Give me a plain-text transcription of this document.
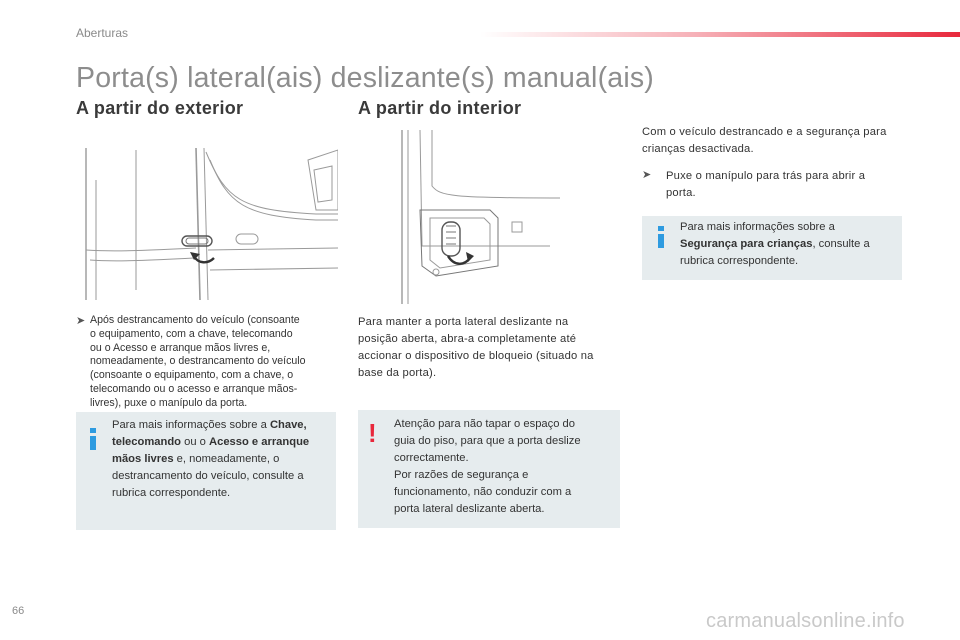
Aberturas
Porta(s) lateral(ais) deslizante(s) manual(ais)
A partir do exterior
➤ Após destrancamento do veículo (consoante
o equipamento, com a chave, telecomando
ou o Acesso e arranque mãos livres e,
nomeadamente, o destrancamento do veículo
(consoante o equipamento, com a chave, o
telecomando ou o acesso e arranque mãos-
livres), puxe o manípulo da porta.
Para mais informações sobre a Chave,
telecomando ou o Acesso e arranque
mãos livres e, nomeadamente, o
destrancamento do veículo, consulte a
rubrica correspondente.
A partir do interior
Para manter a porta lateral deslizante na
posição aberta, abra-a completamente até
accionar o dispositivo de bloqueio (situado na
base da porta).
! Atenção para não tapar o espaço do
guia do piso, para que a porta deslize
correctamente.
Por razões de segurança e
funcionamento, não conduzir com a
porta lateral deslizante aberta.
Com o veículo destrancado e a segurança para
crianças desactivada.
➤ Puxe o manípulo para trás para abrir a
porta.
Para mais informações sobre a
Segurança para crianças, consulte a
rubrica correspondente.
66	carmanualsonline.info
